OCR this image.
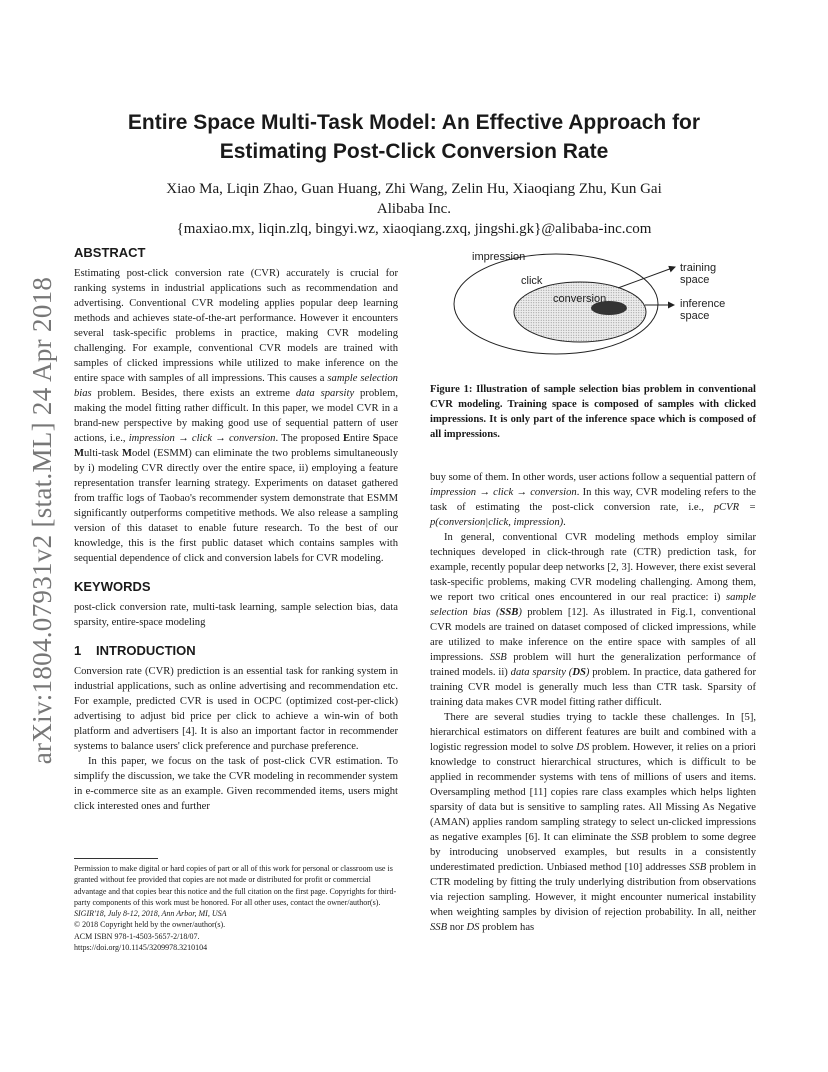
arXiv:1804.07931v2 [stat.ML] 24 Apr 2018
Entire Space Multi-Task Model: An Effective Approach for
Estimating Post-Click Conversion Rate
Xiao Ma, Liqin Zhao, Guan Huang, Zhi Wang, Zelin Hu, Xiaoqiang Zhu, Kun Gai
Alibaba Inc.
{maxiao.mx, liqin.zlq, bingyi.wz, xiaoqiang.zxq, jingshi.gk}@alibaba-inc.com
ABSTRACT

Estimating post-click conversion rate (CVR) accurately is crucial for ranking systems in industrial applications such as recommendation and advertising. Conventional CVR modeling applies popular deep learning methods and achieves state-of-the-art performance. However it encounters several task-specific problems in practice, making CVR modeling challenging. For example, conventional CVR models are trained with samples of clicked impressions while utilized to make inference on the entire space with samples of all impressions. This causes a sample selection bias problem. Besides, there exists an extreme data sparsity problem, making the model fitting rather difficult. In this paper, we model CVR in a brand-new perspective by making good use of sequential pattern of user actions, i.e., impression → click → conversion. The proposed Entire Space Multi-task Model (ESMM) can eliminate the two problems simultaneously by i) modeling CVR directly over the entire space, ii) employing a feature representation transfer learning strategy. Experiments on dataset gathered from traffic logs of Taobao's recommender system demonstrate that ESMM significantly outperforms competitive methods. We also release a sampling version of this dataset to enable future research. To the best of our knowledge, this is the first public dataset which contains samples with sequential dependence of click and conversion labels for CVR modeling.

KEYWORDS

post-click conversion rate, multi-task learning, sample selection bias, data sparsity, entire-space modeling

1 INTRODUCTION

Conversion rate (CVR) prediction is an essential task for ranking system in industrial applications, such as online advertising and recommendation etc. For example, predicted CVR is used in OCPC (optimized cost-per-click) advertising to adjust bid price per click to achieve a win-win of both platform and advertisers [4]. It is also an important factor in recommender systems to balance users' click preference and purchase preference.

In this paper, we focus on the task of post-click CVR estimation. To simplify the discussion, we take the CVR modeling in recommender system in e-commerce site as an example. Given recommended items, users might click interested ones and further

Permission to make digital or hard copies of part or all of this work for personal or classroom use is granted without fee provided that copies are not made or distributed for profit or commercial advantage and that copies bear this notice and the full citation on the first page. Copyrights for third-party components of this work must be honored. For all other uses, contact the owner/author(s).

SIGIR'18, July 8-12, 2018, Ann Arbor, MI, USA

© 2018 Copyright held by the owner/author(s).

ACM ISBN 978-1-4503-5657-2/18/07.

https://doi.org/10.1145/3209978.3210104

impression
click
conversion
training
space
inference
space
Figure 1: Illustration of sample selection bias problem in conventional CVR modeling. Training space is composed of samples with clicked impressions. It is only part of the inference space which is composed of all impressions.

buy some of them. In other words, user actions follow a sequential pattern of impression → click → conversion. In this way, CVR modeling refers to the task of estimating the post-click conversion rate, i.e., pCVR = p(conversion|click, impression).

In general, conventional CVR modeling methods employ similar techniques developed in click-through rate (CTR) prediction task, for example, recently popular deep networks [2, 3]. However, there exist several task-specific problems, making CVR modeling challenging. Among them, we report two critical ones encountered in our real practice: i) sample selection bias (SSB) problem [12]. As illustrated in Fig.1, conventional CVR models are trained on dataset composed of clicked impressions, while are utilized to make inference on the entire space with samples of all impressions. SSB problem will hurt the generalization performance of trained models. ii) data sparsity (DS) problem. In practice, data gathered for training CVR model is generally much less than CTR task. Sparsity of training data makes CVR model fitting rather difficult.

There are several studies trying to tackle these challenges. In [5], hierarchical estimators on different features are built and combined with a logistic regression model to solve DS problem. However, it relies on a priori knowledge to construct hierarchical structures, which is difficult to be applied in recommender systems with tens of millions of users and items. Oversampling method [11] copies rare class examples which helps lighten sparsity of data but is sensitive to sampling rates. All Missing As Negative (AMAN) applies random sampling strategy to select un-clicked impressions as negative examples [6]. It can eliminate the SSB problem to some degree by introducing unobserved examples, but results in a consistently underestimated prediction. Unbiased method [10] addresses SSB problem in CTR modeling by fitting the truly underlying distribution from observations via rejection sampling. However, it might encounter numerical instability when weighting samples by division of rejection probability. In all, neither SSB nor DS problem has
